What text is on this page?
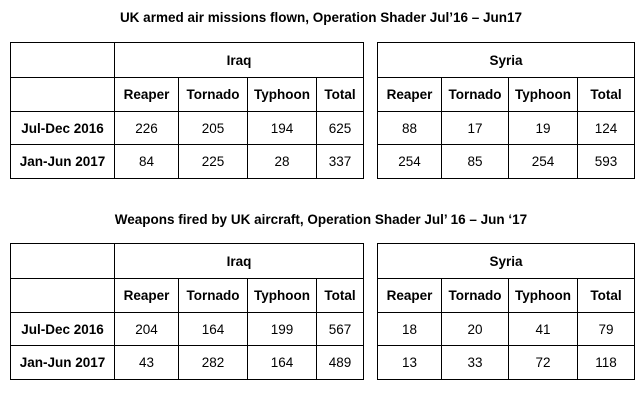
UK armed air missions flown, Operation Shader Jul’16 – Jun17
	Iraq					Syria			
	Reaper	Tornado	Typhoon	Total		Reaper	Tornado	Typhoon	Total
Jul-Dec 2016	226	205	194	625		88	17	19	124
Jan-Jun 2017	84	225	28	337		254	85	254	593
Weapons fired by UK aircraft, Operation Shader Jul’ 16 – Jun ‘17
	Iraq					Syria			
	Reaper	Tornado	Typhoon	Total		Reaper	Tornado	Typhoon	Total
Jul-Dec 2016	204	164	199	567		18	20	41	79
Jan-Jun 2017	43	282	164	489		13	33	72	118
